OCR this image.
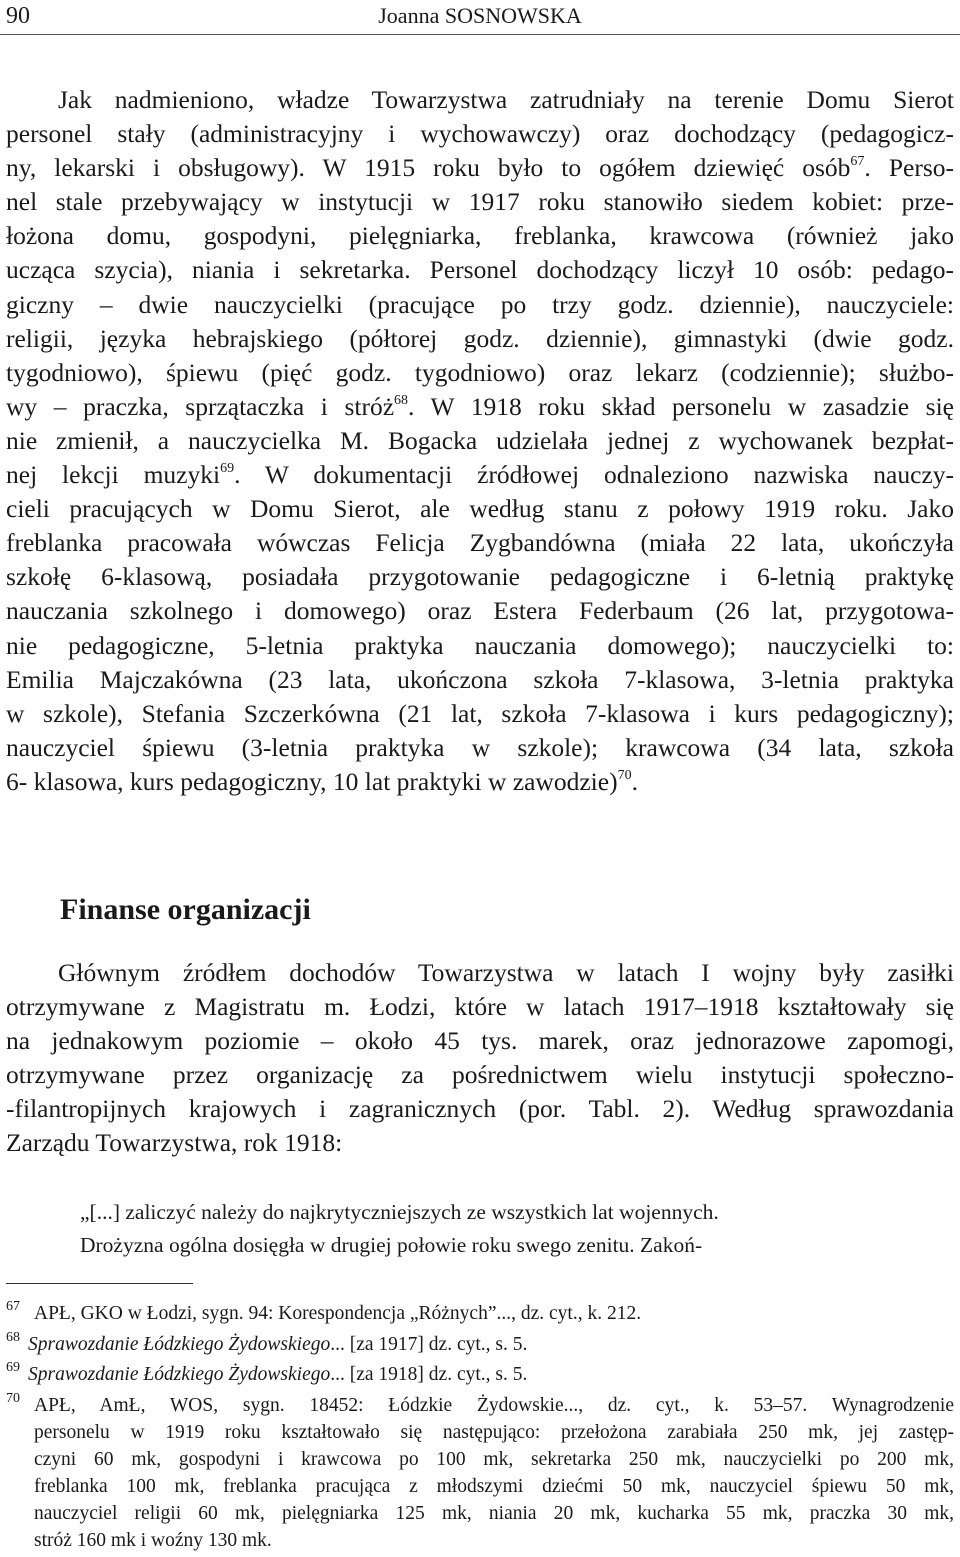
90	Joanna SOSNOWSKA
Jak nadmieniono, władze Towarzystwa zatrudniały na terenie Domu Sierot
personel stały (administracyjny i wychowawczy) oraz dochodzący (pedagogicz-
ny, lekarski i obsługowy). W 1915 roku było to ogółem dziewięć osób$^{67}$. Perso-
nel stale przebywający w instytucji w 1917 roku stanowiło siedem kobiet: prze-
łożona domu, gospodyni, pielęgniarka, freblanka, krawcowa (również jako
ucząca szycia), niania i sekretarka. Personel dochodzący liczył 10 osób: pedago-
giczny – dwie nauczycielki (pracujące po trzy godz. dziennie), nauczyciele:
religii, języka hebrajskiego (półtorej godz. dziennie), gimnastyki (dwie godz.
tygodniowo), śpiewu (pięć godz. tygodniowo) oraz lekarz (codziennie); służbo-
wy – praczka, sprzątaczka i stróż$^{68}$. W 1918 roku skład personelu w zasadzie się
nie zmienił, a nauczycielka M. Bogacka udzielała jednej z wychowanek bezpłat-
nej lekcji muzyki$^{69}$. W dokumentacji źródłowej odnaleziono nazwiska nauczy-
cieli pracujących w Domu Sierot, ale według stanu z połowy 1919 roku. Jako
freblanka pracowała wówczas Felicja Zygbandówna (miała 22 lata, ukończyła
szkołę 6-klasową, posiadała przygotowanie pedagogiczne i 6-letnią praktykę
nauczania szkolnego i domowego) oraz Estera Federbaum (26 lat, przygotowa-
nie pedagogiczne, 5-letnia praktyka nauczania domowego); nauczycielki to:
Emilia Majczakówna (23 lata, ukończona szkoła 7-klasowa, 3-letnia praktyka
w szkole), Stefania Szczerkówna (21 lat, szkoła 7-klasowa i kurs pedagogiczny);
nauczyciel śpiewu (3-letnia praktyka w szkole); krawcowa (34 lata, szkoła
6- klasowa, kurs pedagogiczny, 10 lat praktyki w zawodzie)$^{70}$.
Finanse organizacji
Głównym źródłem dochodów Towarzystwa w latach I wojny były zasiłki
otrzymywane z Magistratu m. Łodzi, które w latach 1917–1918 kształtowały się
na jednakowym poziomie – około 45 tys. marek, oraz jednorazowe zapomogi,
otrzymywane przez organizację za pośrednictwem wielu instytucji społeczno-
-filantropijnych krajowych i zagranicznych (por. Tabl. 2). Według sprawozdania
Zarządu Towarzystwa, rok 1918:
„[...] zaliczyć należy do najkrytyczniejszych ze wszystkich lat wojennych.
Drożyzna ogólna dosięgła w drugiej połowie roku swego zenitu. Zakoń-
67 APŁ, GKO w Łodzi, sygn. 94: Korespondencja „Różnych”..., dz. cyt., k. 212.
68 Sprawozdanie Łódzkiego Żydowskiego... [za 1917] dz. cyt., s. 5.
69 Sprawozdanie Łódzkiego Żydowskiego... [za 1918] dz. cyt., s. 5.
70 APŁ, AmŁ, WOS, sygn. 18452: Łódzkie Żydowskie..., dz. cyt., k. 53–57. Wynagrodzenie
personelu w 1919 roku kształtowało się następująco: przełożona zarabiała 250 mk, jej zastęp-
czyni 60 mk, gospodyni i krawcowa po 100 mk, sekretarka 250 mk, nauczycielki po 200 mk,
freblanka 100 mk, freblanka pracująca z młodszymi dziećmi 50 mk, nauczyciel śpiewu 50 mk,
nauczyciel religii 60 mk, pielęgniarka 125 mk, niania 20 mk, kucharka 55 mk, praczka 30 mk,
stróż 160 mk i woźny 130 mk.
